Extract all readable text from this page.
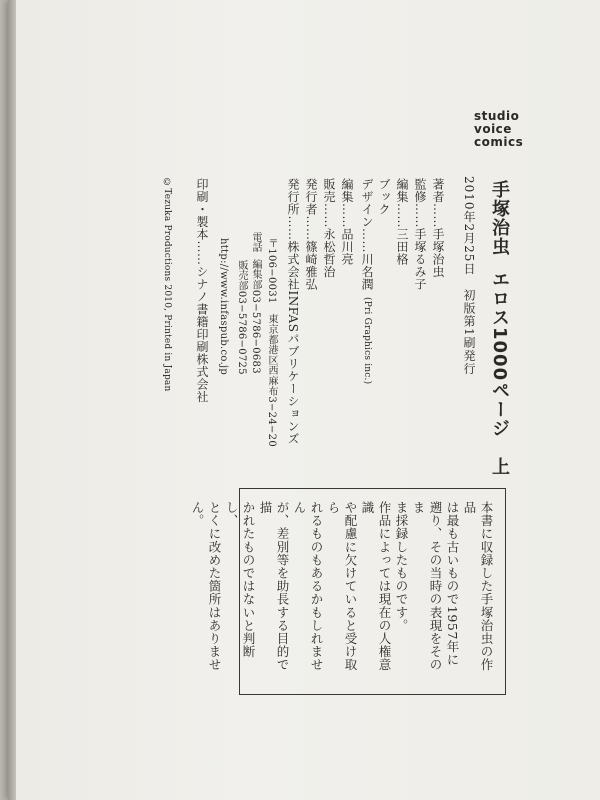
studio
voice
comics
手塚治虫エロス1000ページ　上
2010年2月25日初版第1刷発行
著者……手塚治虫
監修……手塚るみ子
編集……三田格
ブック
デザイン……川名潤(Pri Graphics inc.)
編集……品川亮
販売……永松哲治
発行者……篠崎雅弘
発行所……株式会社INFASパブリケーションズ
〒106−0031　東京都港区西麻布3−24−20
電話編集部03−5786−0683
販売部03−5786−0725
http://www.infaspub.co.jp
©Tezuka Productions 2010, Printed in Japan 印刷・製本……シナノ書籍印刷株式会社

本書に収録した手塚治虫の作品

は最も古いもので1957年に

遡り、その当時の表現をそのま

ま採録したものです。

作品によっては現在の人権意識

や配慮に欠けていると受け取ら

れるものもあるかもしれません

が、差別等を助長する目的で描

かれたものではないと判断し、

とくに改めた箇所はありません。
